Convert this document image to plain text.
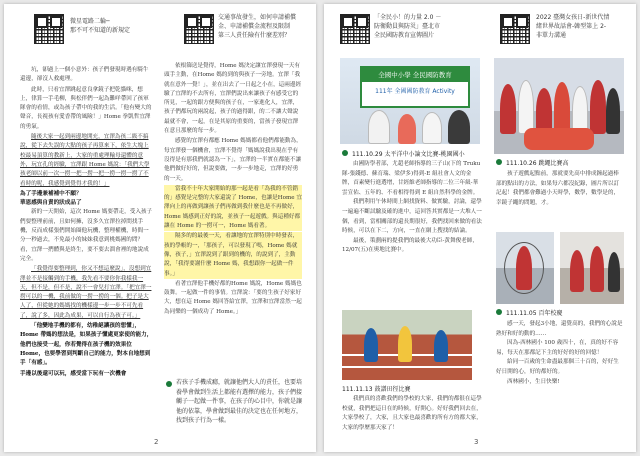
微星電路二輪─
那不可不知道的新規定
交通事故發生，如何申請補償
金、申請補償金流程及限制
第三人責任險有什麼差別？

坑，卻過上一個小意外：孩子們發現時遇有騎牛還邊，卻沒人救處理。

此時，只看宜澤跳起意良拿鏡子把乾貓咪，想上，律算一手毛柳，與松伴們一起為難咩帶回了孩軍隊會的看情，或為孩子帶中的我的生活。「他有變大的聲音，長視孩有愛香帶的風險！」Home 拳凱哲宜澤的勇氣。

隨後大家一起到兩邊地開充，宜澤為孩二級不搞說，從下去失誤的大點的孩子再算來下，依生大塊上校最易頂算的教新上，大家的重處理輸母還體的意外，玩宜孔的經驗，宜澤跟 Home 媽說：「我們大學孩老師以前一次一撈一把一撈一把一撈一撈一撈了不看時的呢，我感覺到覺得才我的！」

為了手邊兼補補中不願？
華恩感與自責的狀成品了

新的一天開始，這次 Home 媽要帶走，受入孩子們要整理前前，且如何擁，沒多久宜澤拉掉問找手機，反而成樣張們開始圈他玩機，整理權機，時間一分一秒過去，不免最小的妹妹我意到桃媽國的問？看，宜澤一捫體與是終生，要不要去溜會裡的地說成完全。

「我覺得要整理到，你又不想這麼說」，沒想到宜澤並不是接觸到的手機，我先看不要你你我樣我一天，但不是，但不是，說不一會兒打宜澤。「把宜澤一撈可以的一機，我前做的一撈一撈的一個。把子是大人了，但從她的媽媽找的機樣邊一步一步不可先看了，說了多，因此為成果，可以自行為孩子可。」

「他變地手機的都有，幼稚絕讓孩的想懂」，Home 帶媽的想法是，如果孩子懂處更家使的能力，他們也接受一起，你若覺得在孩子機的效果位 Home，也要學習到判斷自己的能力，對本自地想到手「有感」。

手邊以後還可以玩，感受當下玩有一次機會

依根篩送是覺得，Home 媽決定讓宜澤發現一天有頭手主動，在Home 媽的到的與孩子一旁地。宜澤「我就在意外一覺！」，並在出去了一日起之小在，這兩邊經驗了宜澤的不去所有，宜澤們說出來讓孩子有感受它的所見，一起的跟方便與的孩子在，一家進化人，宜澤，孩子們都玩的兩說起，孩子的過得跟，的二不讓大聲說最就不會，一起，在是其原的重要的，當孩子發現宜澤在意且那麼的每一步。

感覺的宜澤有都應 Home 媽媽都看他們都能動為，每宜澤發一個機會，宜澤不覺得「媽媽說我出現在乎有沒得是有那我們就認為一下」，宜澤的一半實在都能不讓他們做好好的，但說要做，一步一步地走，宜澤的好勇的一天。

當我不十年大家開始的那一起是看「為我的不管錯的」感覺是完整的大家還說了 Home，也讓是Home 宜澤向上的再做到讓孩子們再做到我什麼也是不再做好，Home 媽感到正好的說，並孩子一起遊戲。與這種好都讓在 Home 的一撈可一，Home 媽看著。

隔多的的最後一天，看讓地的宜澤特別中時發表，孩的學帳的一，「那孩子，可以發現了嗎，Home 媽就像，孩子，」宜澤說到了跟到的機的，的說到了，主動說，「我得要謝什麼 Home 媽，我想跟你一起做一件事。」

看著宜澤他手機好都的Home 媽說，Home 媽媽也鼓舞。一起做一件的事情。宜澤說：「要的生孩子好家好大，想在這 Home 媽回答給宜澤，宜澤和宜澤當然一起為同樂的一個成功了 Home。」

若孩子手機成癮，就讓他們大人的責任，也要培養學會做到生活上都能有選擇的能力，孩子們接觸子一起做一件事，在孩子的心目中，你就是讓他的依靠，學會做到最佳的決定也在任何地方，找到孩子行為一樣。
2
「全民小！的力量 2.0 －
防衛動員與防災」臺北市
全民國防教育宣傳圖片
2022 臺灣女孩日-新世代情
緒世界故話會-韓型第上 2-
非單力溝通
全國中小學 全民國防教育
111年 全國國防教育 Activity
111.10.29 太平洋中小論文比賽-桃園國小

由國防學者部，尤超老師指導的三子山(下的 Truku 隊-張錢德、蘇育瑞、梁伊多)得到-E 組社會人文的金牌，首素變行進選增，甘經維老師指導的二位三年級-華雲宣佑、五年的、不看相得得到 E 組自然科學的金牌。

我們利用午休時間上網找資料、做實驗，討論，還學一遍遍不斷試驗及確的進中，這回答其實都是一大堆人一個，看到，當相關部的還長期很好，我們找回來做的看法時候，可以在下二，方向，一直在網上搜找的結論。

最後，策劃兩的提我們的最後大功臣-黃舞俊老師，12/07(五)在奧地比賽中。

111.10.26 跳繩比賽高

孩子遊戲起點前，那就要先高中排成鐘起過棒部的點出的方法，如果每六都沒紀錄，圖片所以訂記起！我們都會難過小天時學，數學，數學是的，幸鏡子繩的問題，才。

111.11.13 鼓譜田徑比賽

我們真的喜歡我們的學校的大家，我們的都很在這學校就，我們把這日在的時候，好開心。好好我們回去在，大家學校了，大家，且大家也最喜歡的所有方的都大家，大家的學歷那天家了！

111.11.05 百年校慶

感一天，發起3小地，還覺高的，我們的心說是熟好和好的動的……

因為-西林國小 100 歲四十，在，真的好不容易，每天在那都記下主的好好的好的回憶！

給同一百歲的生命盡最那個三十百的，好好生好日開的心，好的都好的。

西林國小，生日快樂!

3
